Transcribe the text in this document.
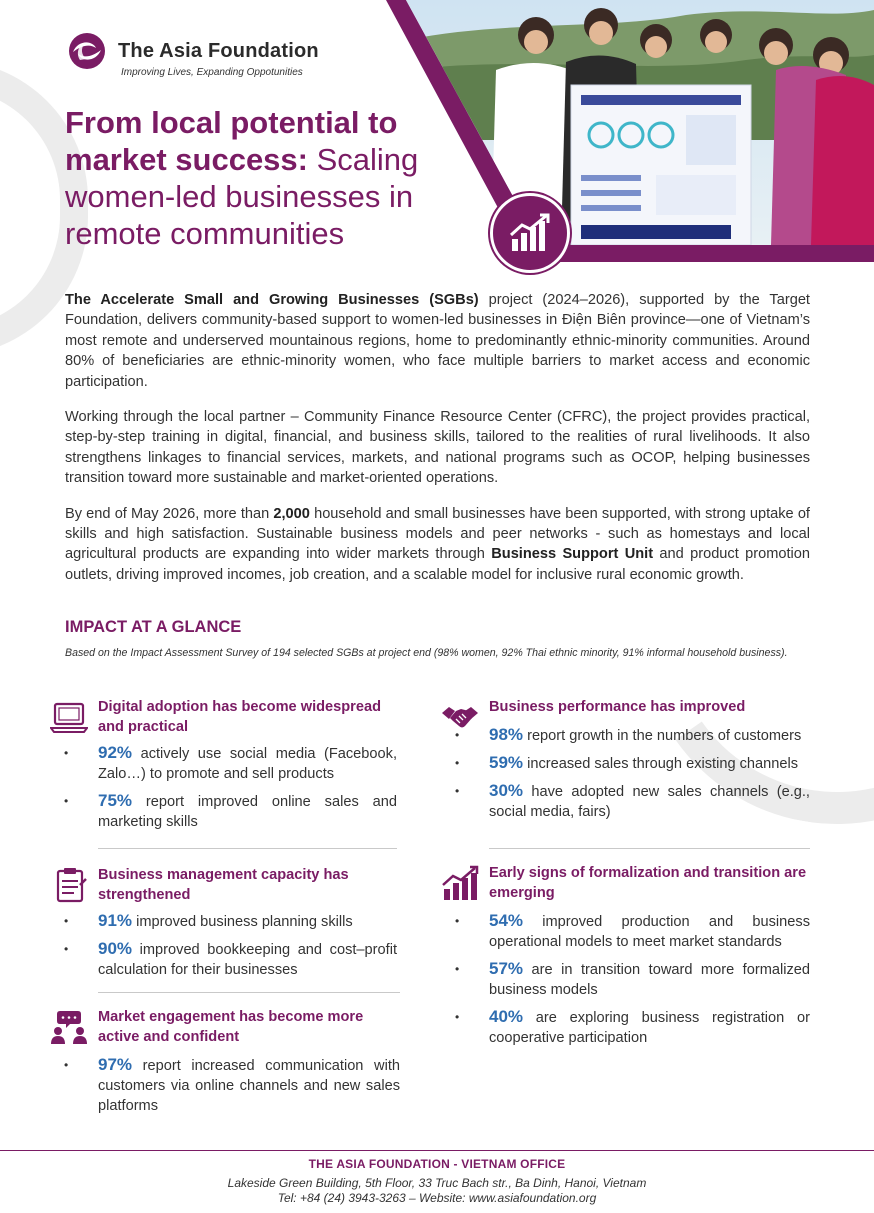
The Asia Foundation
Improving Lives, Expanding Oppotunities
From local potential to market success: Scaling women-led businesses in remote communities

The Accelerate Small and Growing Businesses (SGBs) project (2024–2026), supported by the Target Foundation, delivers community-based support to women-led businesses in Điện Biên province—one of Vietnam’s most remote and underserved mountainous regions, home to predominantly ethnic-minority communities. Around 80% of beneficiaries are ethnic-minority women, who face multiple barriers to market access and economic participation.

Working through the local partner – Community Finance Resource Center (CFRC), the project provides practical, step-by-step training in digital, financial, and business skills, tailored to the realities of rural livelihoods. It also strengthens linkages to financial services, markets, and national programs such as OCOP, helping businesses transition toward more sustainable and market-oriented operations.

By end of May 2026, more than 2,000 household and small businesses have been supported, with strong uptake of skills and high satisfaction. Sustainable business models and peer networks - such as homestays and local agricultural products are expanding into wider markets through Business Support Unit and product promotion outlets, driving improved incomes, job creation, and a scalable model for inclusive rural economic growth.

IMPACT AT A GLANCE

Based on the Impact Assessment Survey of 194 selected SGBs at project end (98% women, 92% Thai ethnic minority, 91% informal household business).

Digital adoption has become widespread and practical
• 92% actively use social media (Facebook, Zalo…) to promote and sell products
• 75% report improved online sales and marketing skills
Business management capacity has strengthened
• 91% improved business planning skills
• 90% improved bookkeeping and cost–profit calculation for their businesses
Market engagement has become more active and confident
• 97% report increased communication with customers via online channels and new sales platforms
Business performance has improved
• 98% report growth in the numbers of customers
• 59% increased sales through existing channels
• 30% have adopted new sales channels (e.g., social media, fairs)
Early signs of formalization and transition are emerging
• 54% improved production and business operational models to meet market standards
• 57% are in transition toward more formalized business models
• 40% are exploring business registration or cooperative participation

THE ASIA FOUNDATION - VIETNAM OFFICE

Lakeside Green Building, 5th Floor, 33 Truc Bach str., Ba Dinh, Hanoi, Vietnam

Tel: +84 (24) 3943-3263 – Website: www.asiafoundation.org
